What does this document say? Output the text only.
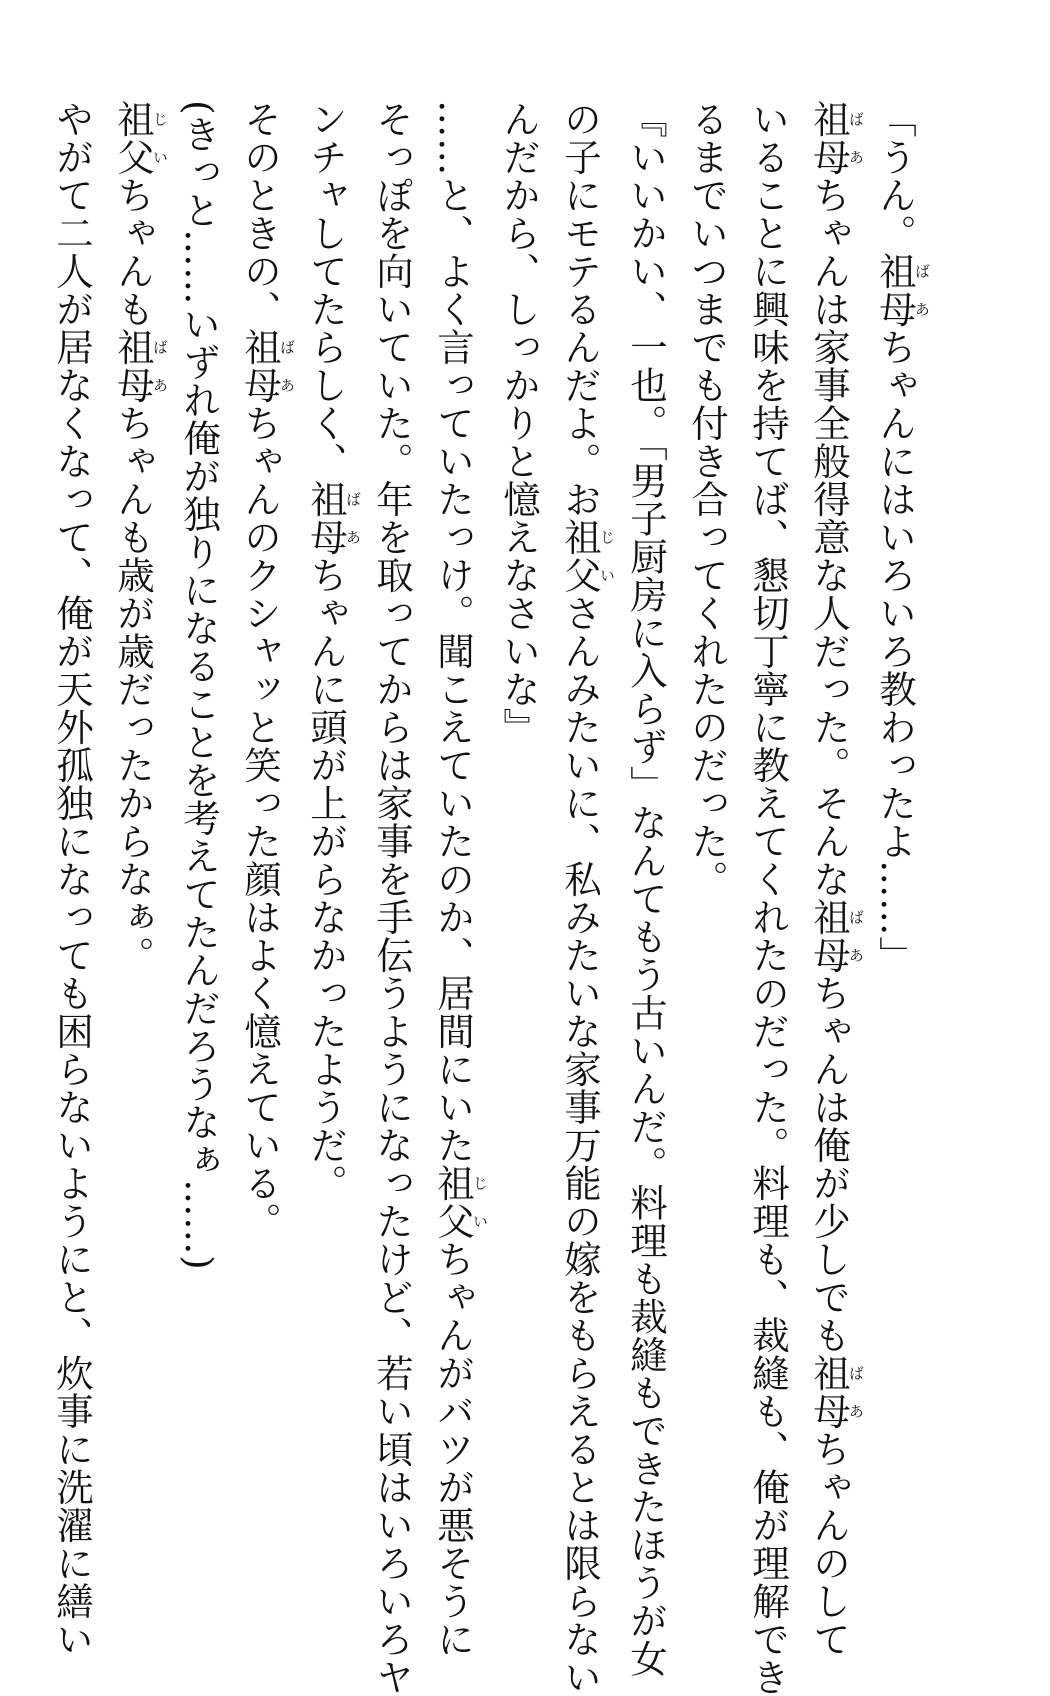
「うん。祖母ばあちゃんにはいろいろ教わったよ……」

祖母ばあちゃんは家事全般得意な人だった。そんな祖母ばあちゃんは俺が少しでも祖母ばあちゃんのして

いることに興味を持てば、懇切丁寧に教えてくれたのだった。料理も、裁縫も、俺が理解でき

るまでいつまでも付き合ってくれたのだった。

『いいかい、一也。「男子厨房に入らず」なんてもう古いんだ。料理も裁縫もできたほうが女

の子にモテるんだよ。お祖父じいさんみたいに、私みたいな家事万能の嫁をもらえるとは限らない

んだから、しっかりと憶えなさいな』

……と、よく言っていたっけ。聞こえていたのか、居間にいた祖父じいちゃんがバツが悪そうに

そっぽを向いていた。年を取ってからは家事を手伝うようになったけど、若い頃はいろいろヤ

ンチャしてたらしく、祖母ばあちゃんに頭が上がらなかったようだ。

そのときの、祖母ばあちゃんのクシャッと笑った顔はよく憶えている。

(きっと……いずれ俺が独りになることを考えてたんだろうなぁ……)

祖父じいちゃんも祖母ばあちゃんも歳が歳だったからなぁ。

やがて二人が居なくなって、俺が天外孤独になっても困らないようにと、炊事に洗濯に繕い
